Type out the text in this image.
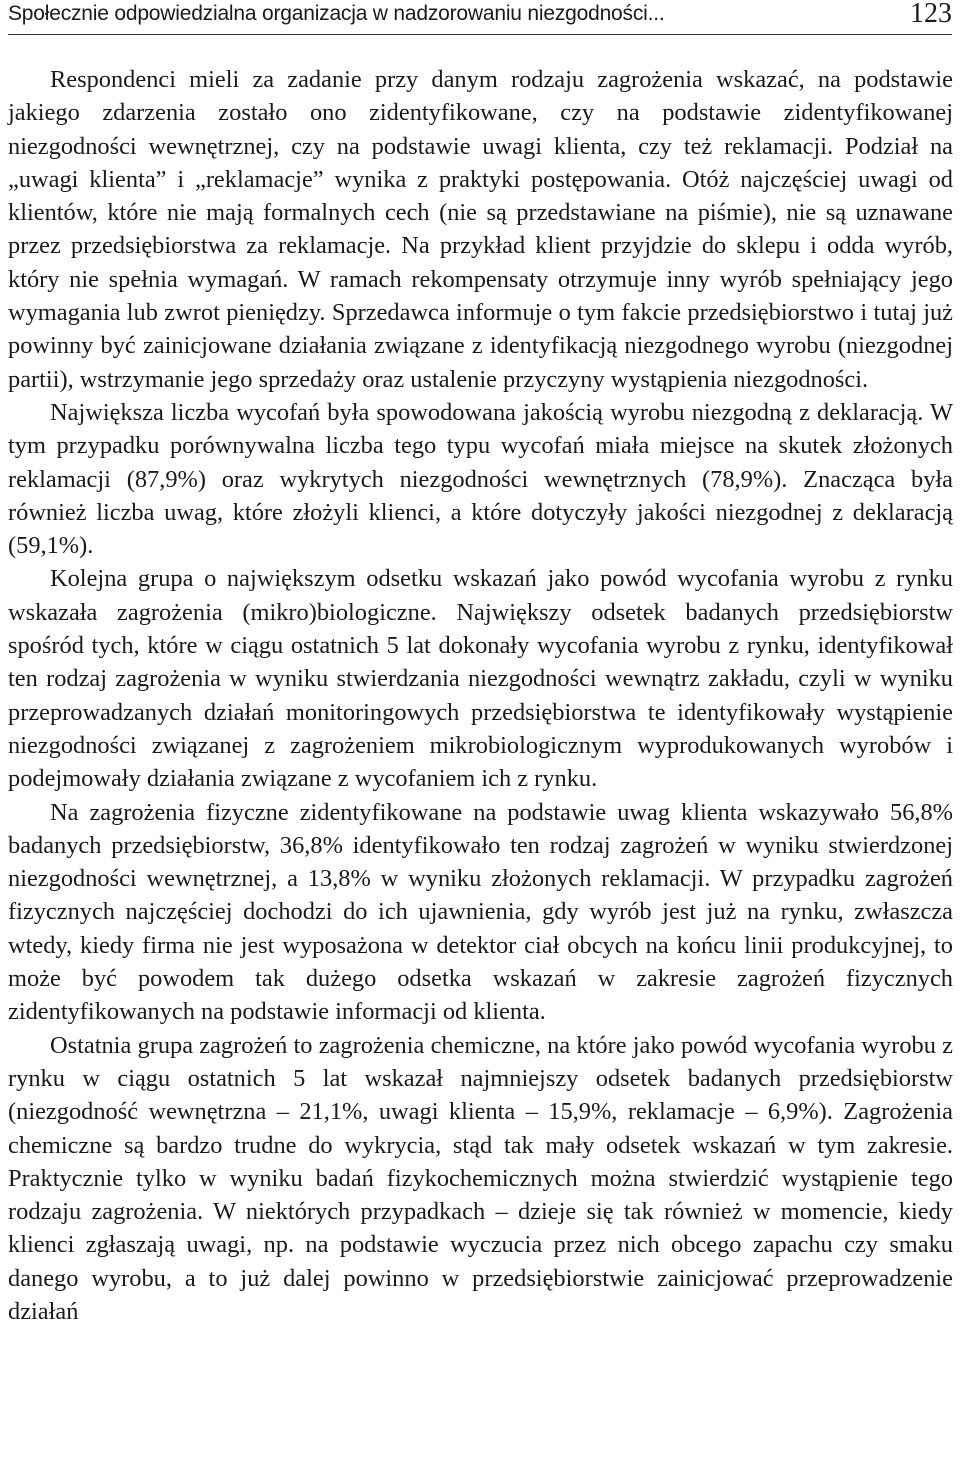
Społecznie odpowiedzialna organizacja w nadzorowaniu niezgodności...	123

Respondenci mieli za zadanie przy danym rodzaju zagrożenia wskazać, na podstawie jakiego zdarzenia zostało ono zidentyfikowane, czy na podstawie zidentyfikowanej niezgodności wewnętrznej, czy na podstawie uwagi klienta, czy też reklamacji. Podział na „uwagi klienta” i „reklamacje” wynika z praktyki postępowania. Otóż najczęściej uwagi od klientów, które nie mają formalnych cech (nie są przedstawiane na piśmie), nie są uznawane przez przedsiębiorstwa za reklamacje. Na przykład klient przyjdzie do sklepu i odda wyrób, który nie spełnia wymagań. W ramach rekompensaty otrzymuje inny wyrób spełniający jego wymagania lub zwrot pieniędzy. Sprzedawca informuje o tym fakcie przedsiębiorstwo i tutaj już powinny być zainicjowane działania związane z identyfikacją niezgodnego wyrobu (niezgodnej partii), wstrzymanie jego sprzedaży oraz ustalenie przyczyny wystąpienia niezgodności.

Największa liczba wycofań była spowodowana jakością wyrobu niezgodną z deklaracją. W tym przypadku porównywalna liczba tego typu wycofań miała miejsce na skutek złożonych reklamacji (87,9%) oraz wykrytych niezgodności wewnętrznych (78,9%). Znacząca była również liczba uwag, które złożyli klienci, a które dotyczyły jakości niezgodnej z deklaracją (59,1%).

Kolejna grupa o największym odsetku wskazań jako powód wycofania wyrobu z rynku wskazała zagrożenia (mikro)biologiczne. Największy odsetek badanych przedsiębiorstw spośród tych, które w ciągu ostatnich 5 lat dokonały wycofania wyrobu z rynku, identyfikował ten rodzaj zagrożenia w wyniku stwierdzania niezgodności wewnątrz zakładu, czyli w wyniku przeprowadzanych działań monitoringowych przedsiębiorstwa te identyfikowały wystąpienie niezgodności związanej z zagrożeniem mikrobiologicznym wyprodukowanych wyrobów i podejmowały działania związane z wycofaniem ich z rynku.

Na zagrożenia fizyczne zidentyfikowane na podstawie uwag klienta wskazywało 56,8% badanych przedsiębiorstw, 36,8% identyfikowało ten rodzaj zagrożeń w wyniku stwierdzonej niezgodności wewnętrznej, a 13,8% w wyniku złożonych reklamacji. W przypadku zagrożeń fizycznych najczęściej dochodzi do ich ujawnienia, gdy wyrób jest już na rynku, zwłaszcza wtedy, kiedy firma nie jest wyposażona w detektor ciał obcych na końcu linii produkcyjnej, to może być powodem tak dużego odsetka wskazań w zakresie zagrożeń fizycznych zidentyfikowanych na podstawie informacji od klienta.

Ostatnia grupa zagrożeń to zagrożenia chemiczne, na które jako powód wycofania wyrobu z rynku w ciągu ostatnich 5 lat wskazał najmniejszy odsetek badanych przedsiębiorstw (niezgodność wewnętrzna – 21,1%, uwagi klienta – 15,9%, reklamacje – 6,9%). Zagrożenia chemiczne są bardzo trudne do wykrycia, stąd tak mały odsetek wskazań w tym zakresie. Praktycznie tylko w wyniku badań fizykochemicznych można stwierdzić wystąpienie tego rodzaju zagrożenia. W niektórych przypadkach – dzieje się tak również w momencie, kiedy klienci zgłaszają uwagi, np. na podstawie wyczucia przez nich obcego zapachu czy smaku danego wyrobu, a to już dalej powinno w przedsiębiorstwie zainicjować przeprowadzenie działań
